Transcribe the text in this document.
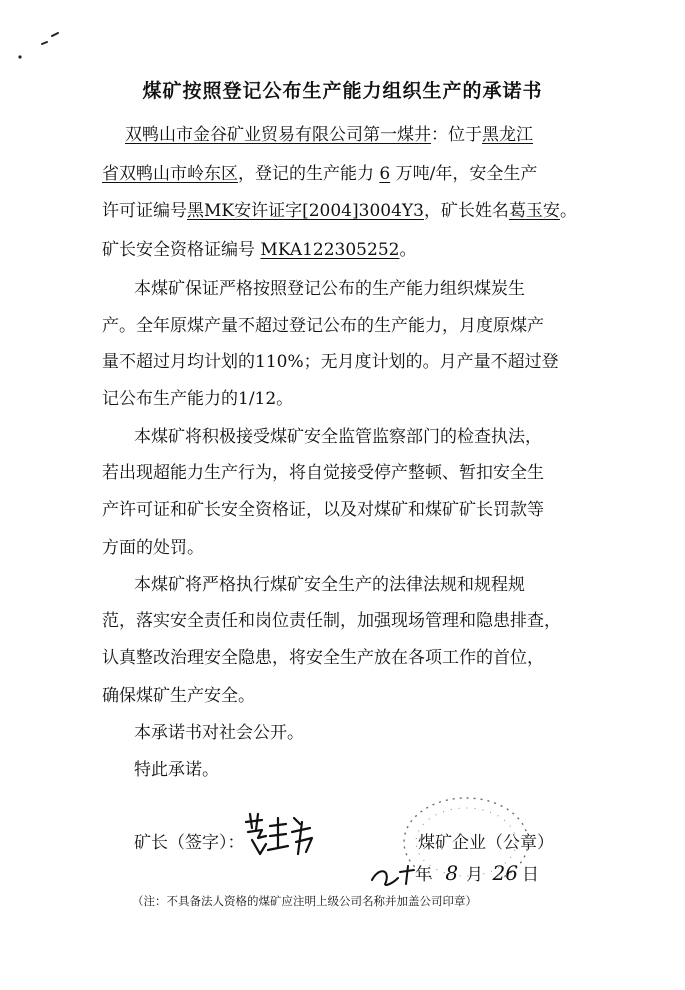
煤矿按照登记公布生产能力组织生产的承诺书
双鸭山市金谷矿业贸易有限公司第一煤井：位于黑龙江
省双鸭山市岭东区，登记的生产能力 6 万吨/年，安全生产
许可证编号黑MK安许证字[2004]3004Y3，矿长姓名葛玉安。
矿长安全资格证编号 MKA122305252。
本煤矿保证严格按照登记公布的生产能力组织煤炭生
产。全年原煤产量不超过登记公布的生产能力，月度原煤产
量不超过月均计划的110%；无月度计划的。月产量不超过登
记公布生产能力的1/12。
本煤矿将积极接受煤矿安全监管监察部门的检查执法，
若出现超能力生产行为，将自觉接受停产整顿、暂扣安全生
产许可证和矿长安全资格证，以及对煤矿和煤矿矿长罚款等
方面的处罚。
本煤矿将严格执行煤矿安全生产的法律法规和规程规
范，落实安全责任和岗位责任制，加强现场管理和隐患排查，
认真整改治理安全隐患，将安全生产放在各项工作的首位，
确保煤矿生产安全。
本承诺书对社会公开。
特此承诺。
矿长（签字）：	煤矿企业（公章）
年 8 月 26 日
（注：不具备法人资格的煤矿应注明上级公司名称并加盖公司印章）
